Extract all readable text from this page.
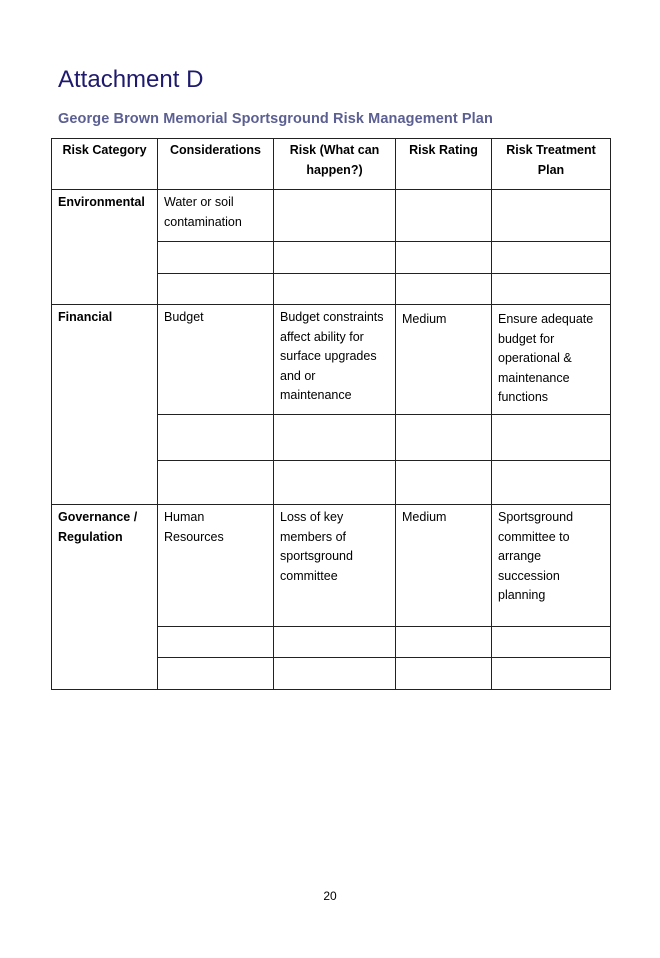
Attachment D
George Brown Memorial Sportsground Risk Management Plan
Risk Category	Considerations	Risk (What can happen?)	Risk Rating	Risk Treatment Plan
Environmental	Water or soil contamination			

Financial	Budget	Budget constraints affect ability for surface upgrades and or maintenance	Medium	Ensure adequate budget for operational & maintenance functions

Governance / Regulation	Human Resources	Loss of key members of sportsground committee	Medium	Sportsground committee to arrange succession planning

20
